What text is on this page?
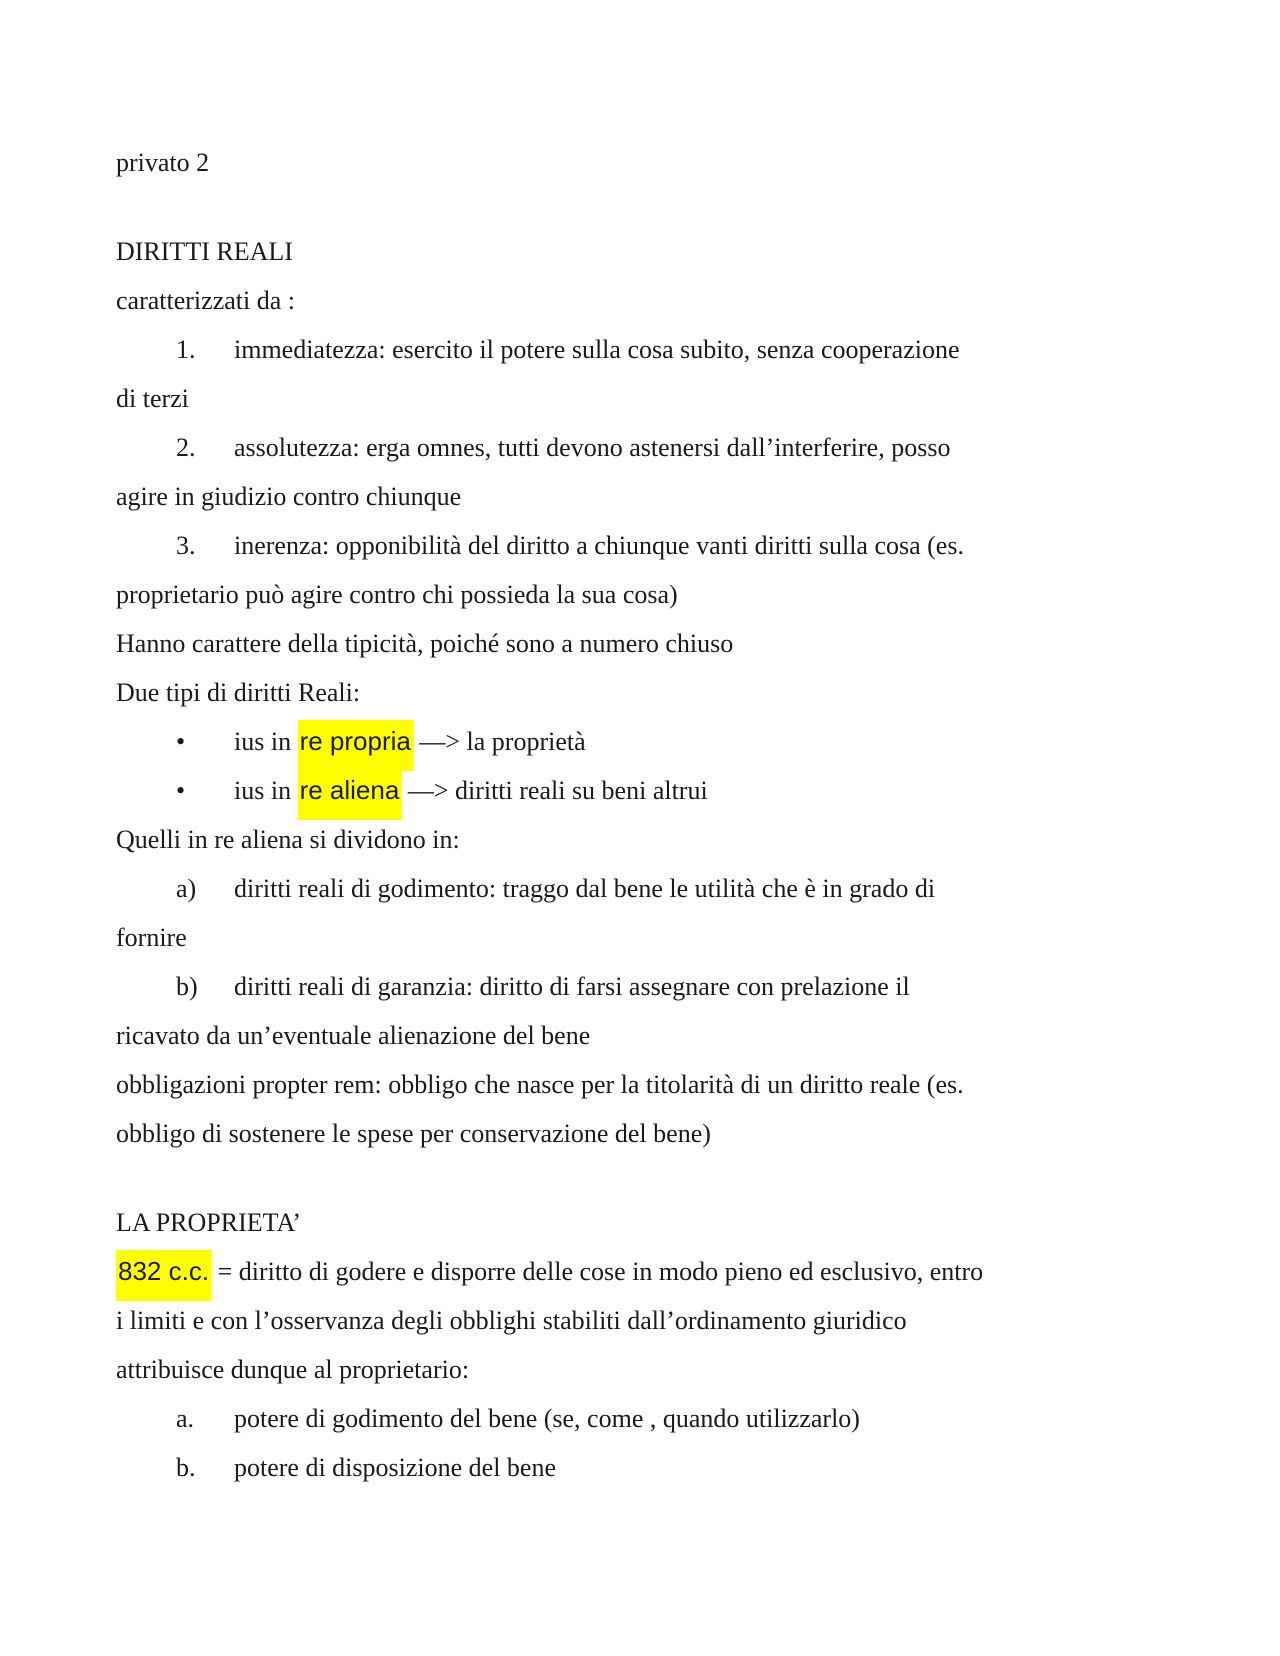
privato 2
DIRITTI REALI
caratterizzati da :
1. immediatezza: esercito il potere sulla cosa subito, senza cooperazione
di terzi
2. assolutezza: erga omnes, tutti devono astenersi dall’interferire, posso
agire in giudizio contro chiunque
3. inerenza: opponibilità del diritto a chiunque vanti diritti sulla cosa (es.
proprietario può agire contro chi possieda la sua cosa)
Hanno carattere della tipicità, poiché sono a numero chiuso
Due tipi di diritti Reali:
• ius in re propria —> la proprietà
• ius in re aliena —> diritti reali su beni altrui
Quelli in re aliena si dividono in:
a) diritti reali di godimento: traggo dal bene le utilità che è in grado di
fornire
b) diritti reali di garanzia: diritto di farsi assegnare con prelazione il
ricavato da un’eventuale alienazione del bene
obbligazioni propter rem: obbligo che nasce per la titolarità di un diritto reale (es.
obbligo di sostenere le spese per conservazione del bene)
LA PROPRIETA’
832 c.c. = diritto di godere e disporre delle cose in modo pieno ed esclusivo, entro
i limiti e con l’osservanza degli obblighi stabiliti dall’ordinamento giuridico
attribuisce dunque al proprietario:
a. potere di godimento del bene (se, come , quando utilizzarlo)
b. potere di disposizione del bene
